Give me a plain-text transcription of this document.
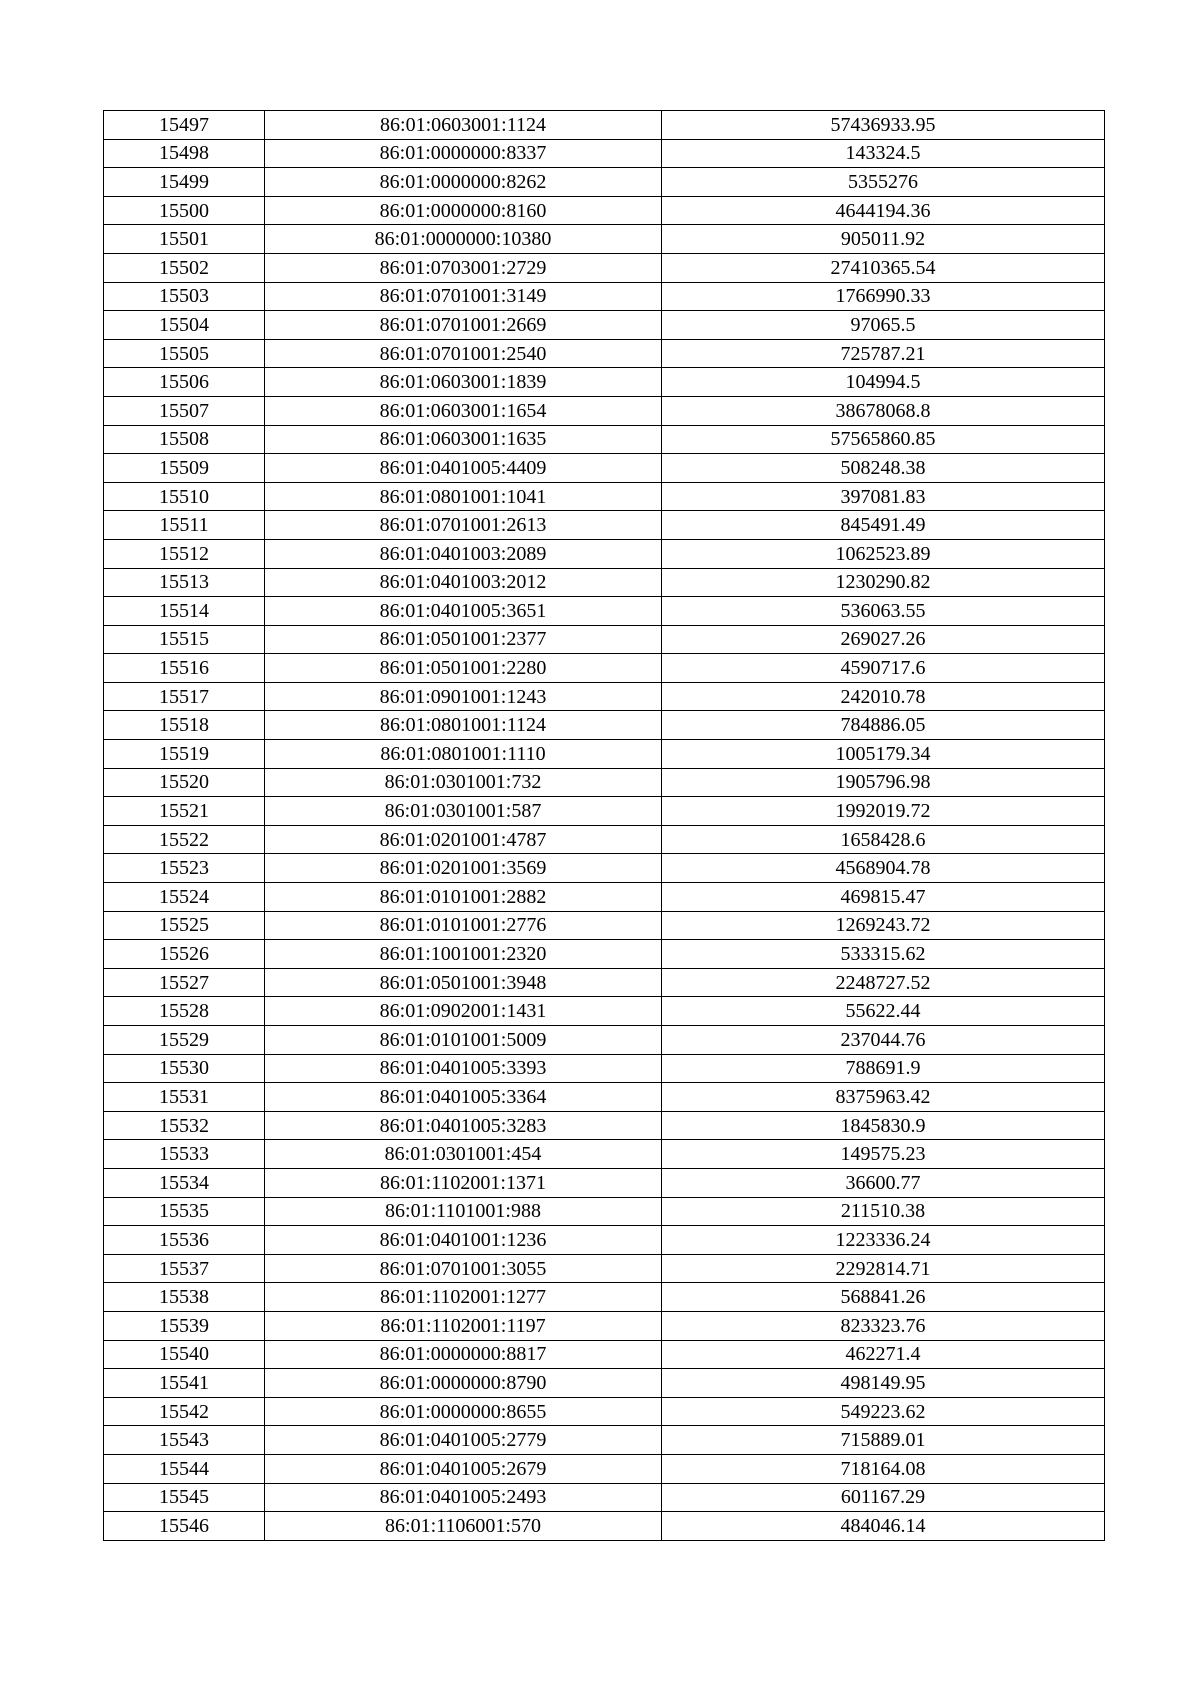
15497	86:01:0603001:1124	57436933.95
15498	86:01:0000000:8337	143324.5
15499	86:01:0000000:8262	5355276
15500	86:01:0000000:8160	4644194.36
15501	86:01:0000000:10380	905011.92
15502	86:01:0703001:2729	27410365.54
15503	86:01:0701001:3149	1766990.33
15504	86:01:0701001:2669	97065.5
15505	86:01:0701001:2540	725787.21
15506	86:01:0603001:1839	104994.5
15507	86:01:0603001:1654	38678068.8
15508	86:01:0603001:1635	57565860.85
15509	86:01:0401005:4409	508248.38
15510	86:01:0801001:1041	397081.83
15511	86:01:0701001:2613	845491.49
15512	86:01:0401003:2089	1062523.89
15513	86:01:0401003:2012	1230290.82
15514	86:01:0401005:3651	536063.55
15515	86:01:0501001:2377	269027.26
15516	86:01:0501001:2280	4590717.6
15517	86:01:0901001:1243	242010.78
15518	86:01:0801001:1124	784886.05
15519	86:01:0801001:1110	1005179.34
15520	86:01:0301001:732	1905796.98
15521	86:01:0301001:587	1992019.72
15522	86:01:0201001:4787	1658428.6
15523	86:01:0201001:3569	4568904.78
15524	86:01:0101001:2882	469815.47
15525	86:01:0101001:2776	1269243.72
15526	86:01:1001001:2320	533315.62
15527	86:01:0501001:3948	2248727.52
15528	86:01:0902001:1431	55622.44
15529	86:01:0101001:5009	237044.76
15530	86:01:0401005:3393	788691.9
15531	86:01:0401005:3364	8375963.42
15532	86:01:0401005:3283	1845830.9
15533	86:01:0301001:454	149575.23
15534	86:01:1102001:1371	36600.77
15535	86:01:1101001:988	211510.38
15536	86:01:0401001:1236	1223336.24
15537	86:01:0701001:3055	2292814.71
15538	86:01:1102001:1277	568841.26
15539	86:01:1102001:1197	823323.76
15540	86:01:0000000:8817	462271.4
15541	86:01:0000000:8790	498149.95
15542	86:01:0000000:8655	549223.62
15543	86:01:0401005:2779	715889.01
15544	86:01:0401005:2679	718164.08
15545	86:01:0401005:2493	601167.29
15546	86:01:1106001:570	484046.14
